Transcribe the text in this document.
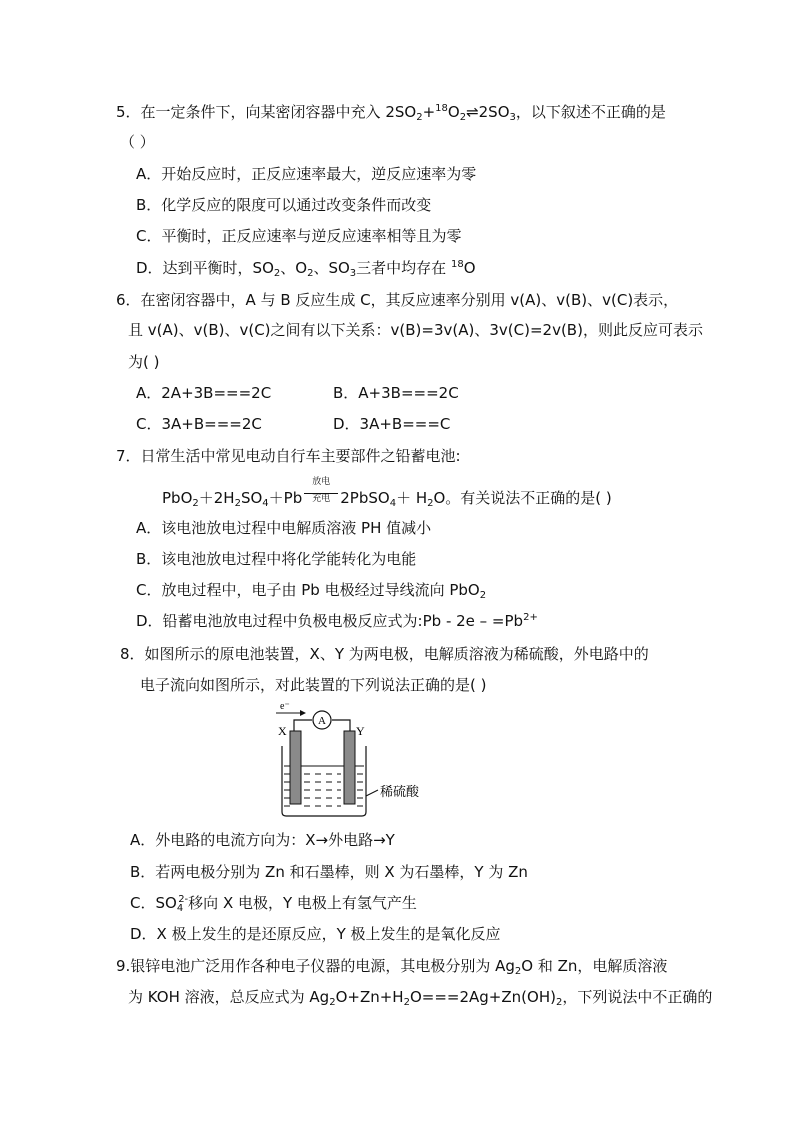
5．在一定条件下，向某密闭容器中充入 $2SO_2+^{18}O_2\rightleftharpoons 2SO_3$，以下叙述不正确的是
（ ）
A．开始反应时，正反应速率最大，逆反应速率为零
B．化学反应的限度可以通过改变条件而改变
C．平衡时，正反应速率与逆反应速率相等且为零
D．达到平衡时，$SO_2$、$O_2$、$SO_3$三者中均存在 $^{18}$O
6．在密闭容器中，A 与 B 反应生成 C，其反应速率分别用 v(A)、v(B)、v(C)表示，
且 v(A)、v(B)、v(C)之间有以下关系：v(B)=3v(A)、3v(C)=2v(B)，则此反应可表示
为( )
A．2A+3B===2C	B．A+3B===2C
C．3A+B===2C	D．3A+B===C
7．日常生活中常见电动自行车主要部件之铅蓄电池:
$PbO_2+2H_2SO_4+Pb$
放电
充电 2PbSO$_4$＋ $H_2O$。有关说法不正确的是( )
A．该电池放电过程中电解质溶液 PH 值减小
B．该电池放电过程中将化学能转化为电能
C．放电过程中，电子由 Pb 电极经过导线流向 PbO$_2$
D．铅蓄电池放电过程中负极电极反应式为:Pb - $2e - =Pb^{2+}$
8．如图所示的原电池装置，X、Y 为两电极，电解质溶液为稀硫酸，外电路中的
电子流向如图所示，对此装置的下列说法正确的是( )
e⁻
A
X	Y
稀硫酸
A．外电路的电流方向为：X→外电路→Y
B．若两电极分别为 Zn 和石墨棒，则 X 为石墨棒，Y 为 Zn
C．$SO_4^{2-}$移向 X 电极，Y 电极上有氢气产生
D．X 极上发生的是还原反应，Y 极上发生的是氧化反应
9.银锌电池广泛用作各种电子仪器的电源，其电极分别为 $Ag_2O$ 和 Zn，电解质溶液
为 KOH 溶液，总反应式为 $Ag_2O+Zn+H_2O===2Ag+Zn(OH)_2$，下列说法中不正确的
